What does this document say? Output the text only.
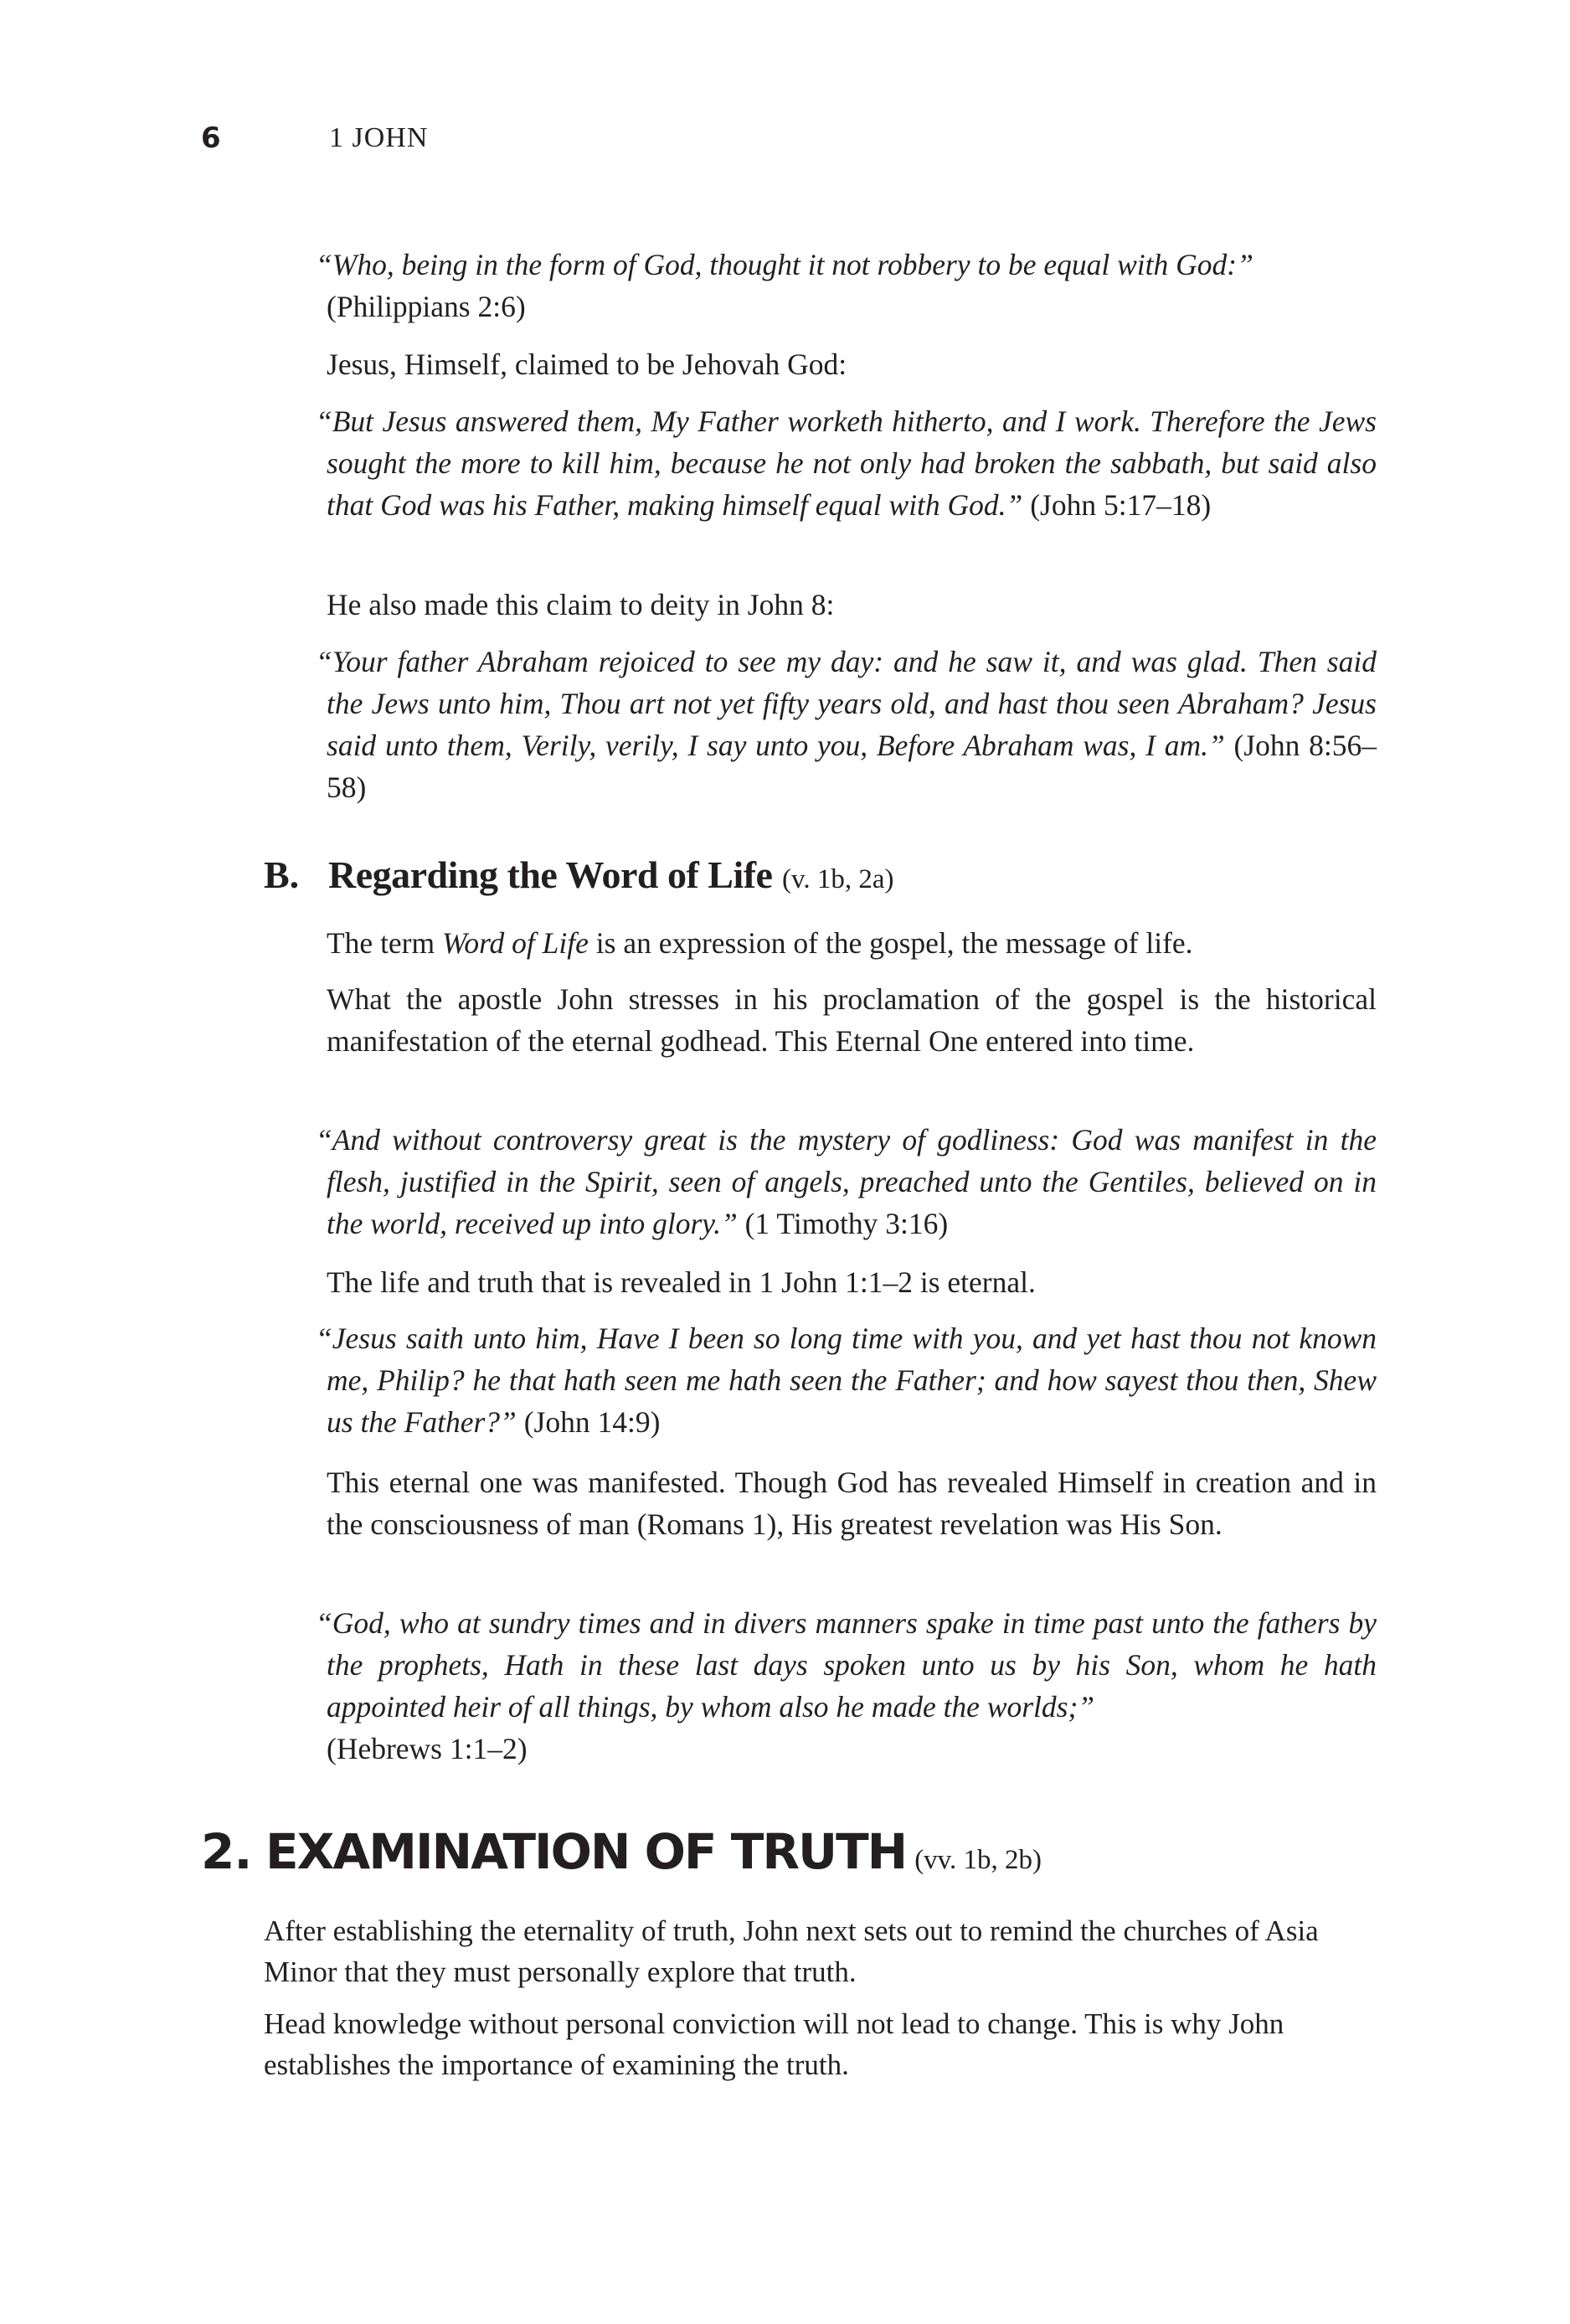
6	1 JOHN

“Who, being in the form of God, thought it not robbery to be equal with God:”
(Philippians 2:6)

Jesus, Himself, claimed to be Jehovah God:

“But Jesus answered them, My Father worketh hitherto, and I work. Therefore the Jews sought the more to kill him, because he not only had broken the sabbath, but said also that God was his Father, making himself equal with God.” (John 5:17–18)

He also made this claim to deity in John 8:

“Your father Abraham rejoiced to see my day: and he saw it, and was glad. Then said the Jews unto him, Thou art not yet fifty years old, and hast thou seen Abraham? Jesus said unto them, Verily, verily, I say unto you, Before Abraham was, I am.” (John 8:56–58)

B. Regarding the Word of Life (v. 1b, 2a)

The term Word of Life is an expression of the gospel, the message of life.

What the apostle John stresses in his proclamation of the gospel is the historical manifestation of the eternal godhead. This Eternal One entered into time.

“And without controversy great is the mystery of godliness: God was manifest in the flesh, justified in the Spirit, seen of angels, preached unto the Gentiles, believed on in the world, received up into glory.” (1 Timothy 3:16)

The life and truth that is revealed in 1 John 1:1–2 is eternal.

“Jesus saith unto him, Have I been so long time with you, and yet hast thou not known me, Philip? he that hath seen me hath seen the Father; and how sayest thou then, Shew us the Father?” (John 14:9)

This eternal one was manifested. Though God has revealed Himself in creation and in the consciousness of man (Romans 1), His greatest revelation was His Son.

“God, who at sundry times and in divers manners spake in time past unto the fathers by the prophets, Hath in these last days spoken unto us by his Son, whom he hath appointed heir of all things, by whom also he made the worlds;”
(Hebrews 1:1–2)

2. EXAMINATION OF TRUTH (vv. 1b, 2b)

After establishing the eternality of truth, John next sets out to remind the churches of Asia Minor that they must personally explore that truth.

Head knowledge without personal conviction will not lead to change. This is why John establishes the importance of examining the truth.
